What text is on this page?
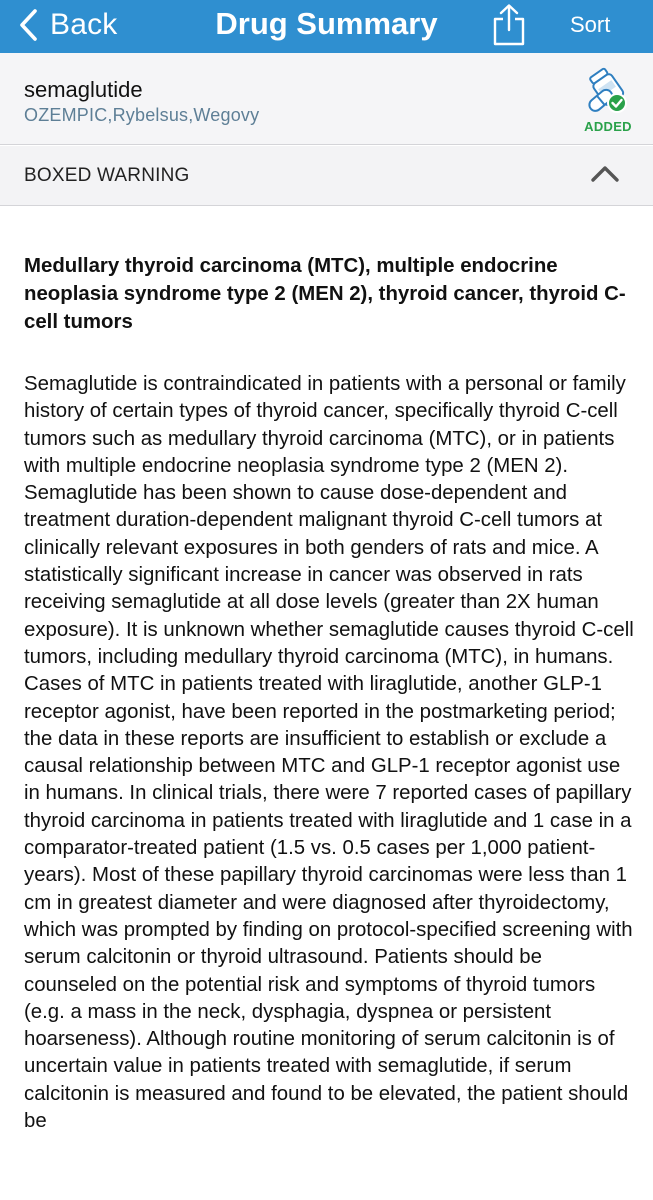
Back	Drug Summary	Sort
semaglutide
OZEMPIC,Rybelsus,Wegovy
ADDED
BOXED WARNING
Medullary thyroid carcinoma (MTC), multiple endocrine neoplasia syndrome type 2 (MEN 2), thyroid cancer, thyroid C-cell tumors
Semaglutide is contraindicated in patients with a personal or family history of certain types of thyroid cancer, specifically thyroid C-cell tumors such as medullary thyroid carcinoma (MTC), or in patients with multiple endocrine neoplasia syndrome type 2 (MEN 2). Semaglutide has been shown to cause dose-dependent and treatment duration-dependent malignant thyroid C-cell tumors at clinically relevant exposures in both genders of rats and mice. A statistically significant increase in cancer was observed in rats receiving semaglutide at all dose levels (greater than 2X human exposure). It is unknown whether semaglutide causes thyroid C-cell tumors, including medullary thyroid carcinoma (MTC), in humans. Cases of MTC in patients treated with liraglutide, another GLP-1 receptor agonist, have been reported in the postmarketing period; the data in these reports are insufficient to establish or exclude a causal relationship between MTC and GLP-1 receptor agonist use in humans. In clinical trials, there were 7 reported cases of papillary thyroid carcinoma in patients treated with liraglutide and 1 case in a comparator-treated patient (1.5 vs. 0.5 cases per 1,000 patient-years). Most of these papillary thyroid carcinomas were less than 1 cm in greatest diameter and were diagnosed after thyroidectomy, which was prompted by finding on protocol-specified screening with serum calcitonin or thyroid ultrasound. Patients should be counseled on the potential risk and symptoms of thyroid tumors (e.g. a mass in the neck, dysphagia, dyspnea or persistent hoarseness). Although routine monitoring of serum calcitonin is of uncertain value in patients treated with semaglutide, if serum calcitonin is measured and found to be elevated, the patient should be
